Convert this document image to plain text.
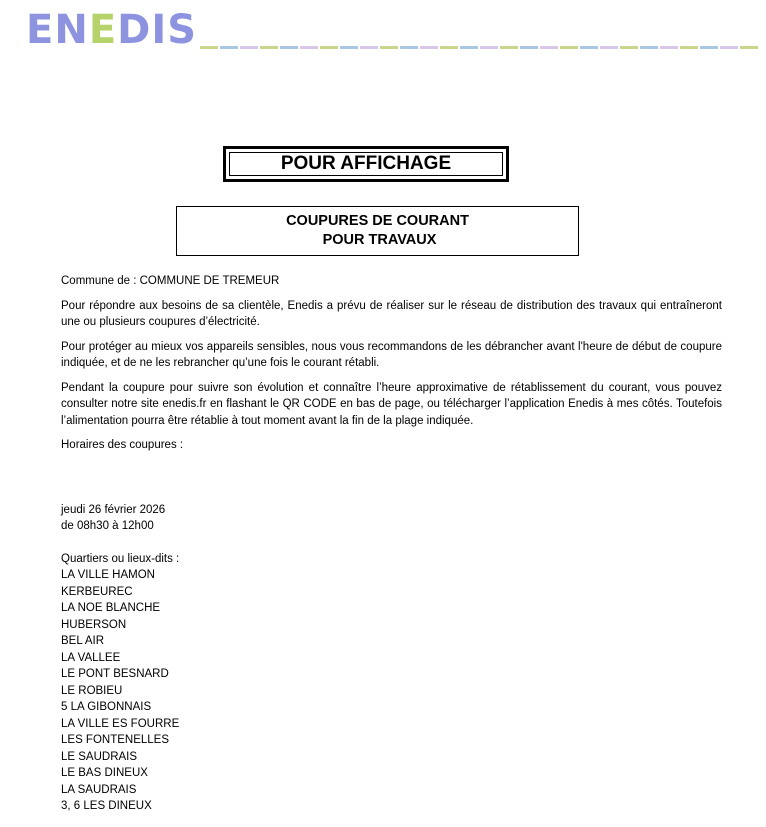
ENEDIS
POUR AFFICHAGE
COUPURES DE COURANT
POUR TRAVAUX

Commune de : COMMUNE DE TREMEUR

Pour répondre aux besoins de sa clientèle, Enedis a prévu de réaliser sur le réseau de distribution des travaux qui entraîneront une ou plusieurs coupures d’électricité.

Pour protéger au mieux vos appareils sensibles, nous vous recommandons de les débrancher avant l'heure de début de coupure indiquée, et de ne les rebrancher qu’une fois le courant rétabli.

Pendant la coupure pour suivre son évolution et connaître l’heure approximative de rétablissement du courant, vous pouvez consulter notre site enedis.fr en flashant le QR CODE en bas de page, ou télécharger l’application Enedis à mes côtés. Toutefois l’alimentation pourra être rétablie à tout moment avant la fin de la plage indiquée.

Horaires des coupures :

jeudi 26 février 2026
de 08h30 à 12h00
Quartiers ou lieux-dits :
LA VILLE HAMON
KERBEUREC
LA NOE BLANCHE
HUBERSON
BEL AIR
LA VALLEE
LE PONT BESNARD
LE ROBIEU
5 LA GIBONNAIS
LA VILLE ES FOURRE
LES FONTENELLES
LE SAUDRAIS
LE BAS DINEUX
LA SAUDRAIS
3, 6 LES DINEUX
